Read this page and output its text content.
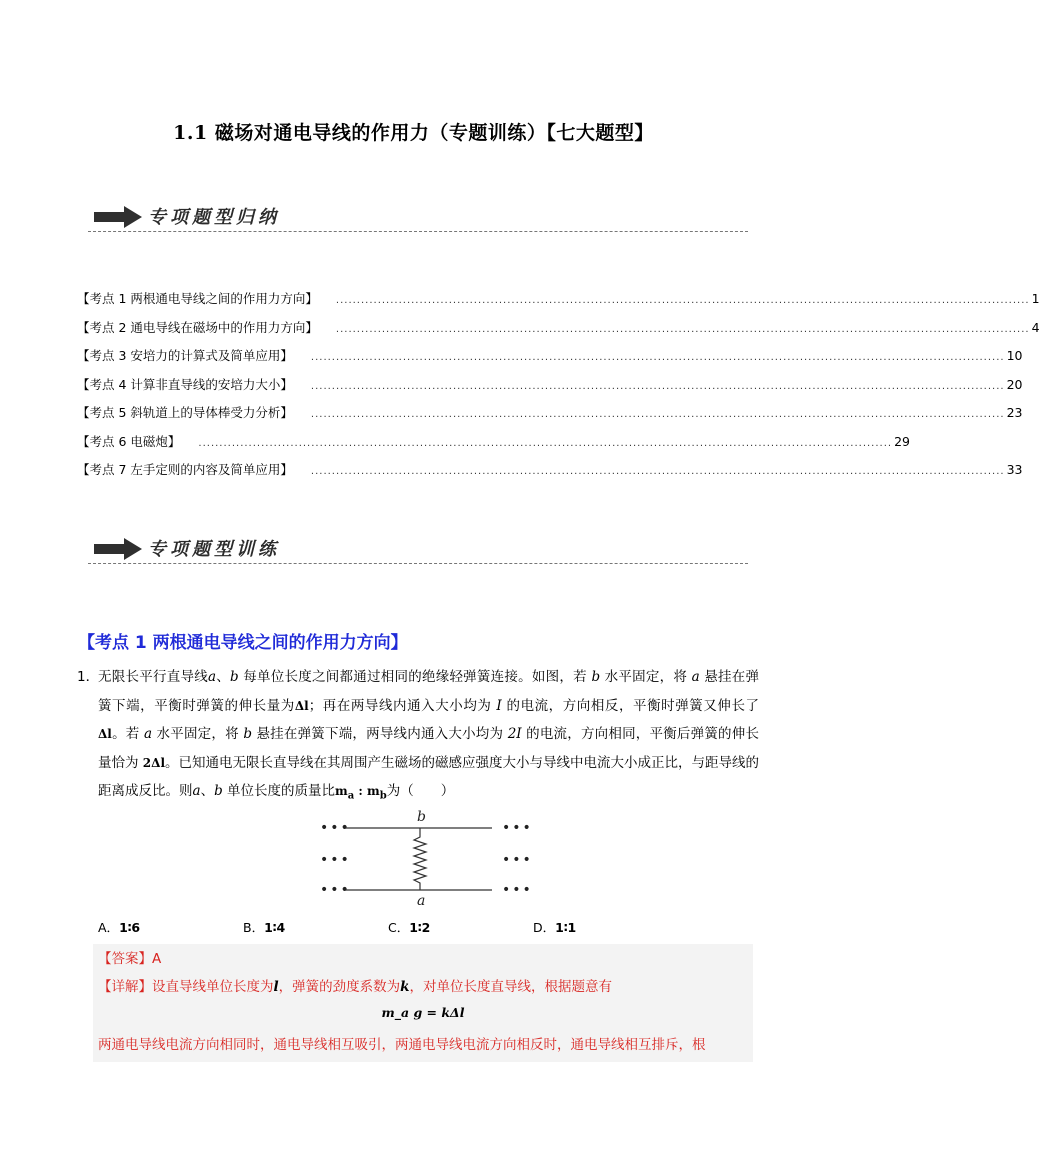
1.1 磁场对通电导线的作用力（专题训练）【七大题型】
专项题型归纳
【考点 1 两根通电导线之间的作用力方向】 ...................................................................................................................................................................... 1
【考点 2 通电导线在磁场中的作用力方向】 ...................................................................................................................................................................... 4
【考点 3 安培力的计算式及简单应用】 ...................................................................................................................................................................... 10
【考点 4 计算非直导线的安培力大小】 ...................................................................................................................................................................... 20
【考点 5 斜轨道上的导体棒受力分析】 ...................................................................................................................................................................... 23
【考点 6 电磁炮】 ...................................................................................................................................................................... 29
【考点 7 左手定则的内容及简单应用】 ...................................................................................................................................................................... 33
专项题型训练
【考点 1 两根通电导线之间的作用力方向】
1．
无限长平行直导线a、b 每单位长度之间都通过相同的绝缘轻弹簧连接。如图，若 b 水平固定，将 a 悬挂在弹簧下端，平衡时弹簧的伸长量为Δl；再在两导线内通入大小均为 I 的电流，方向相反，平衡时弹簧又伸长了 Δl。若 a 水平固定，将 b 悬挂在弹簧下端，两导线内通入大小均为 2I 的电流，方向相同，平衡后弹簧的伸长量恰为 2Δl。已知通电无限长直导线在其周围产生磁场的磁感应强度大小与导线中电流大小成正比，与距导线的距离成反比。则a、b 单位长度的质量比$m_a$ : $m_b$为（　　）
•••	•••
•••	•••
•••	•••
b
a
A．1∶6	B．1∶4	C．1∶2	D．1∶1
【答案】A
【详解】设直导线单位长度为l，弹簧的劲度系数为k，对单位长度直导线，根据题意有
m_a g = kΔl
两通电导线电流方向相同时，通电导线相互吸引，两通电导线电流方向相反时，通电导线相互排斥，根
